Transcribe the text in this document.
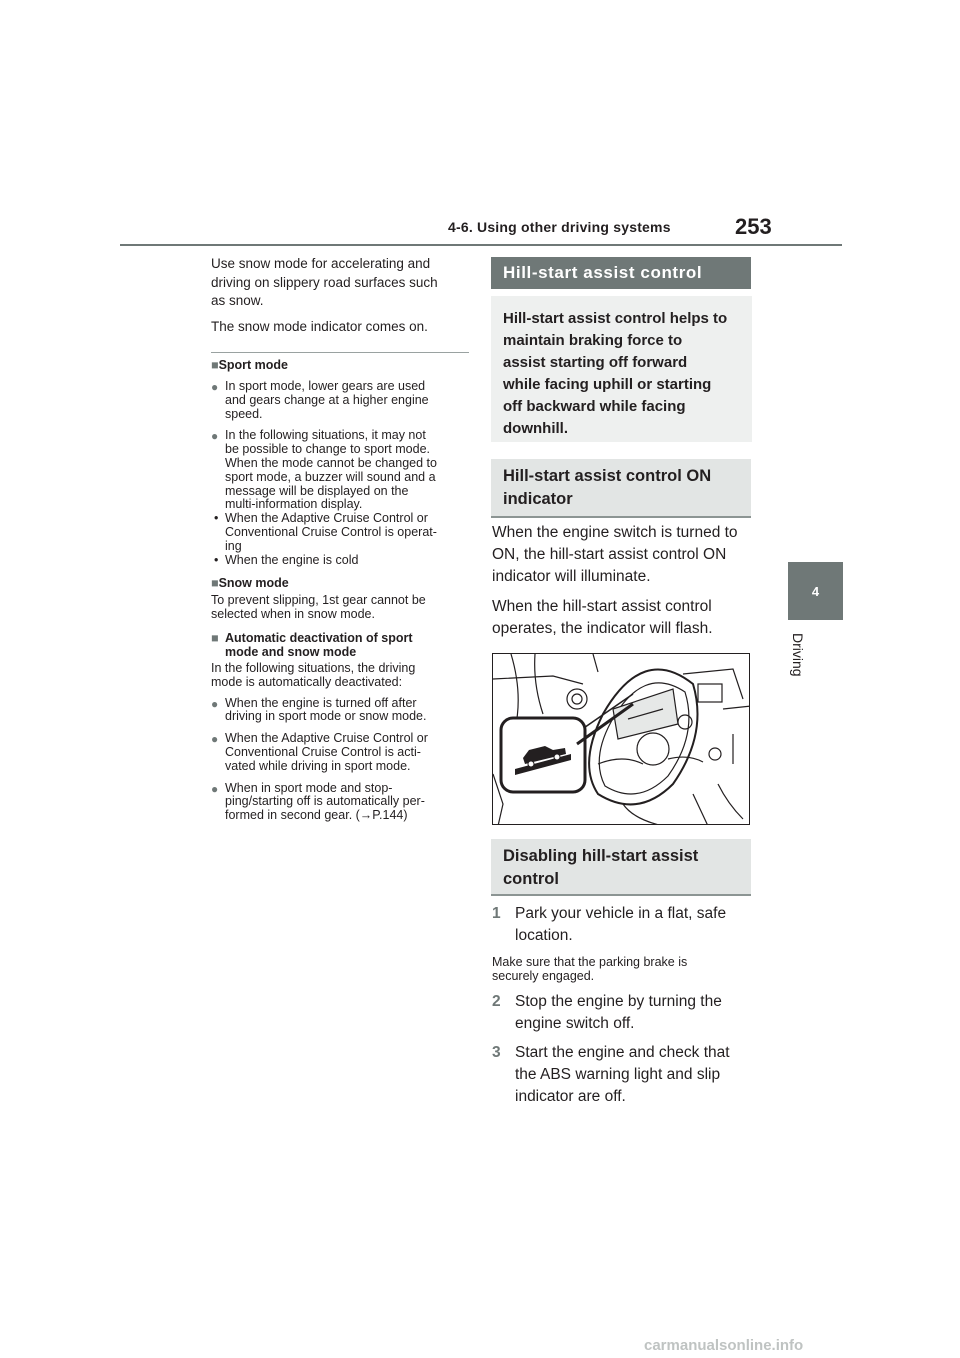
4-6. Using other driving systems	253
4
Driving

Use snow mode for accelerating and

driving on slippery road surfaces such

as snow.

The snow mode indicator comes on.

■Sport mode
● In sport mode, lower gears are used
and gears change at a higher engine
speed.
● In the following situations, it may not
be possible to change to sport mode.
When the mode cannot be changed to
sport mode, a buzzer will sound and a
message will be displayed on the
multi-information display.
• When the Adaptive Cruise Control or
Conventional Cruise Control is operat-
ing
• When the engine is cold
■Snow mode
To prevent slipping, 1st gear cannot be
selected when in snow mode.
■ Automatic deactivation of sport
mode and snow mode
In the following situations, the driving
mode is automatically deactivated:
● When the engine is turned off after
driving in sport mode or snow mode.
● When the Adaptive Cruise Control or
Conventional Cruise Control is acti-
vated while driving in sport mode.
● When in sport mode and stop-
ping/starting off is automatically per-
formed in second gear. (→P.144)
Hill-start assist control
Hill-start assist control helps to
maintain braking force to
assist starting off forward
while facing uphill or starting
off backward while facing
downhill.
Hill-start assist control ON
indicator
When the engine switch is turned to
ON, the hill-start assist control ON
indicator will illuminate.
When the hill-start assist control
operates, the indicator will flash.
Disabling hill-start assist
control
1 Park your vehicle in a flat, safe
location.
Make sure that the parking brake is
securely engaged.
2 Stop the engine by turning the
engine switch off.
3 Start the engine and check that
the ABS warning light and slip
indicator are off.
carmanualsonline.info
